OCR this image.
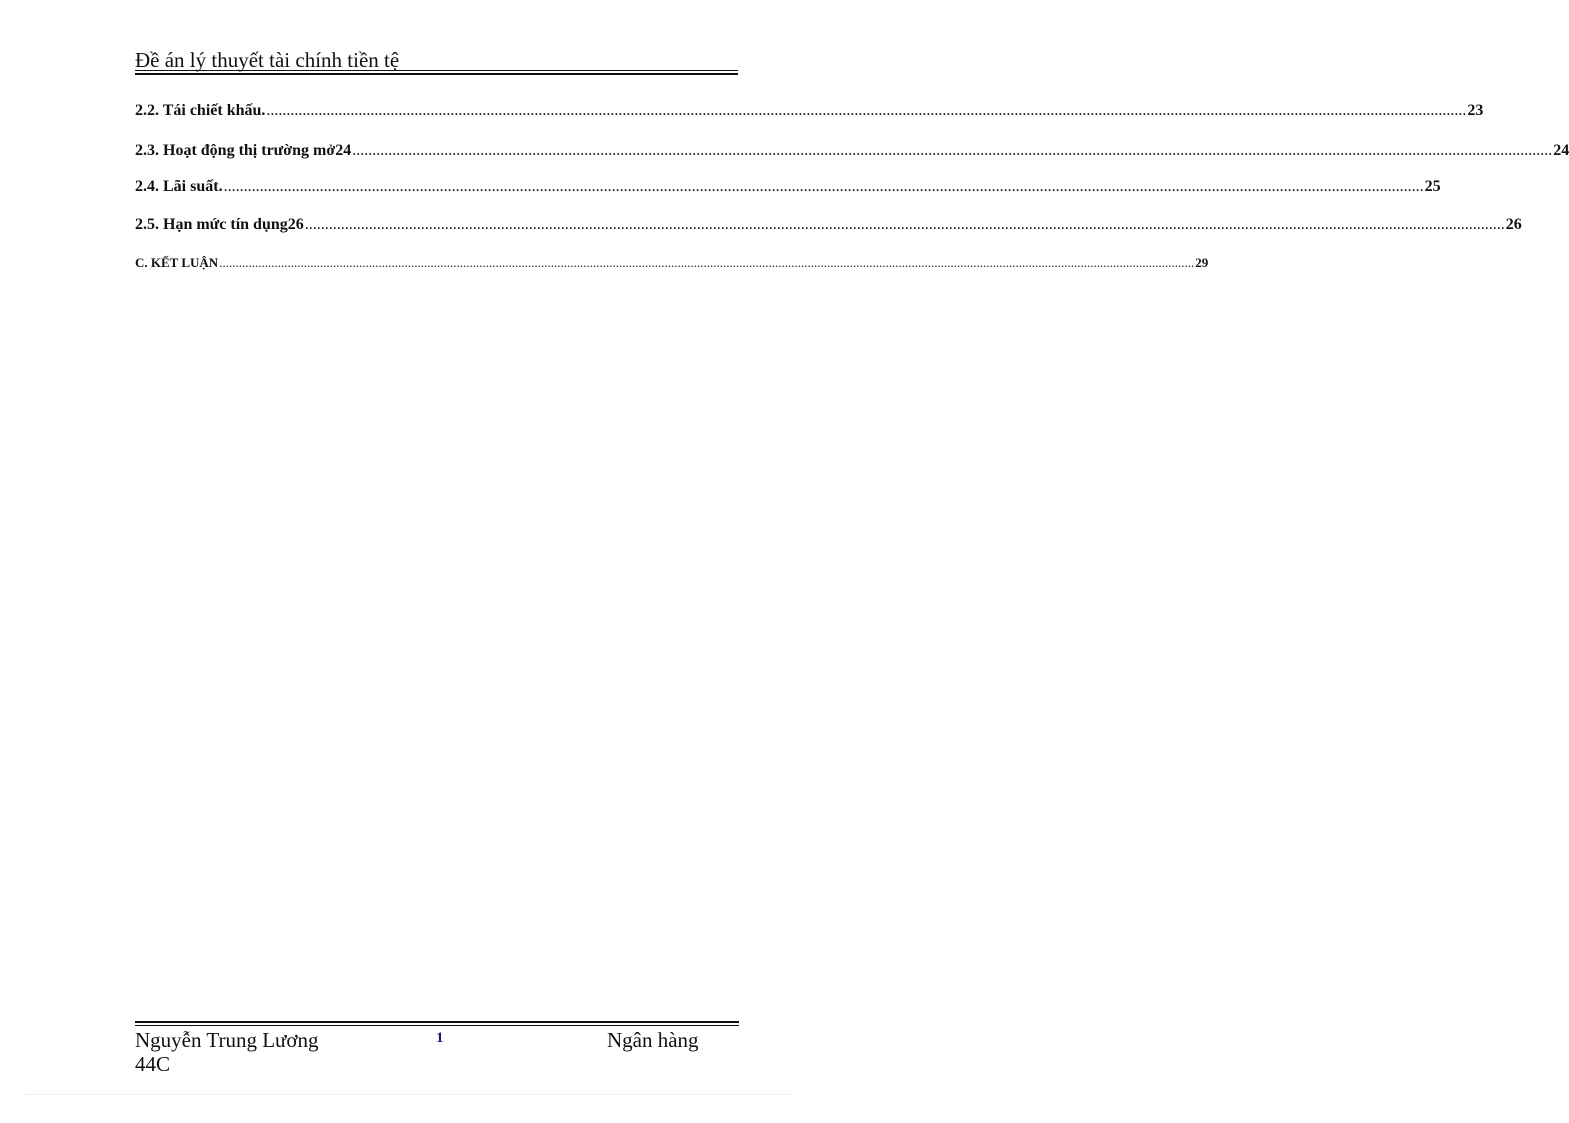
Đề án lý thuyết tài chính tiền tệ
2.2. Tái chiết khấu. ............................................................................................................................................................................................................................................................................................................ 23
2.3. Hoạt động thị trường mở24 ............................................................................................................................................................................................................................................................................................................ 24
2.4. Lãi suất. ............................................................................................................................................................................................................................................................................................................ 25
2.5. Hạn mức tín dụng26 ............................................................................................................................................................................................................................................................................................................ 26
C. KẾT LUẬN ............................................................................................................................................................................................................................................................................................................ 29
Nguyễn Trung Lương
44C
1	Ngân hàng
